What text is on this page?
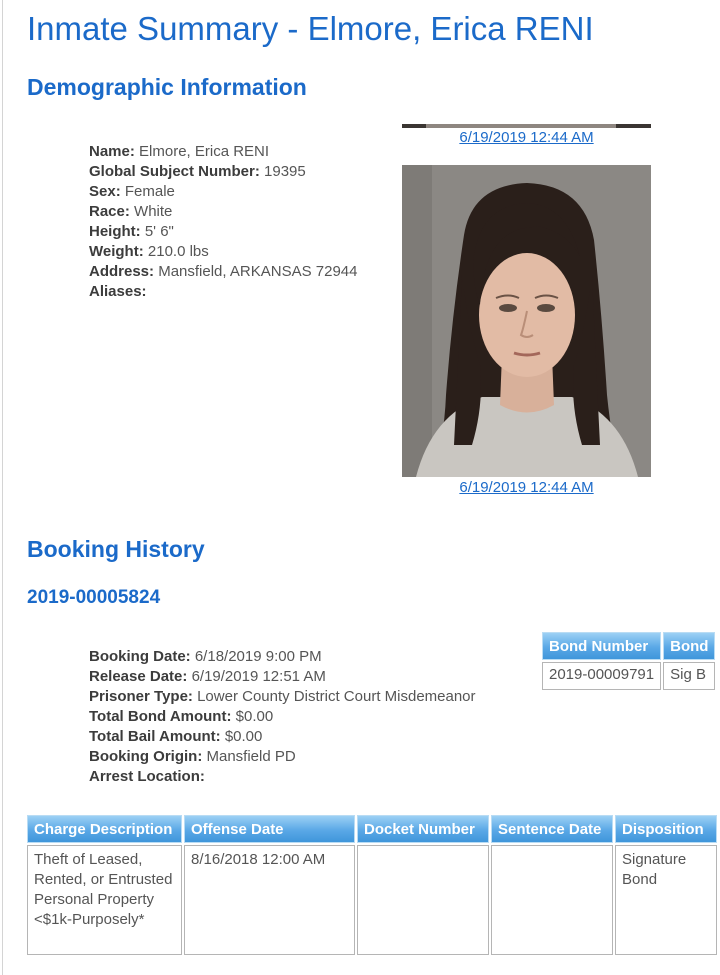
Inmate Summary - Elmore, Erica RENI
Demographic Information
Name: Elmore, Erica RENI
Global Subject Number: 19395
Sex: Female
Race: White
Height: 5' 6"
Weight: 210.0 lbs
Address: Mansfield, ARKANSAS 72944
Aliases:
6/19/2019 12:44 AM
6/19/2019 12:44 AM
Booking History
2019-00005824
Booking Date: 6/18/2019 9:00 PM
Release Date: 6/19/2019 12:51 AM
Prisoner Type: Lower County District Court Misdemeanor
Total Bond Amount: $0.00
Total Bail Amount: $0.00
Booking Origin: Mansfield PD
Arrest Location:
Bond Number	Bond
2019-00009791	Sig B
Charge Description	Offense Date	Docket Number	Sentence Date	Disposition
Theft of Leased, Rented, or Entrusted Personal Property <$1k-Purposely*	8/16/2018 12:00 AM			Signature Bond
